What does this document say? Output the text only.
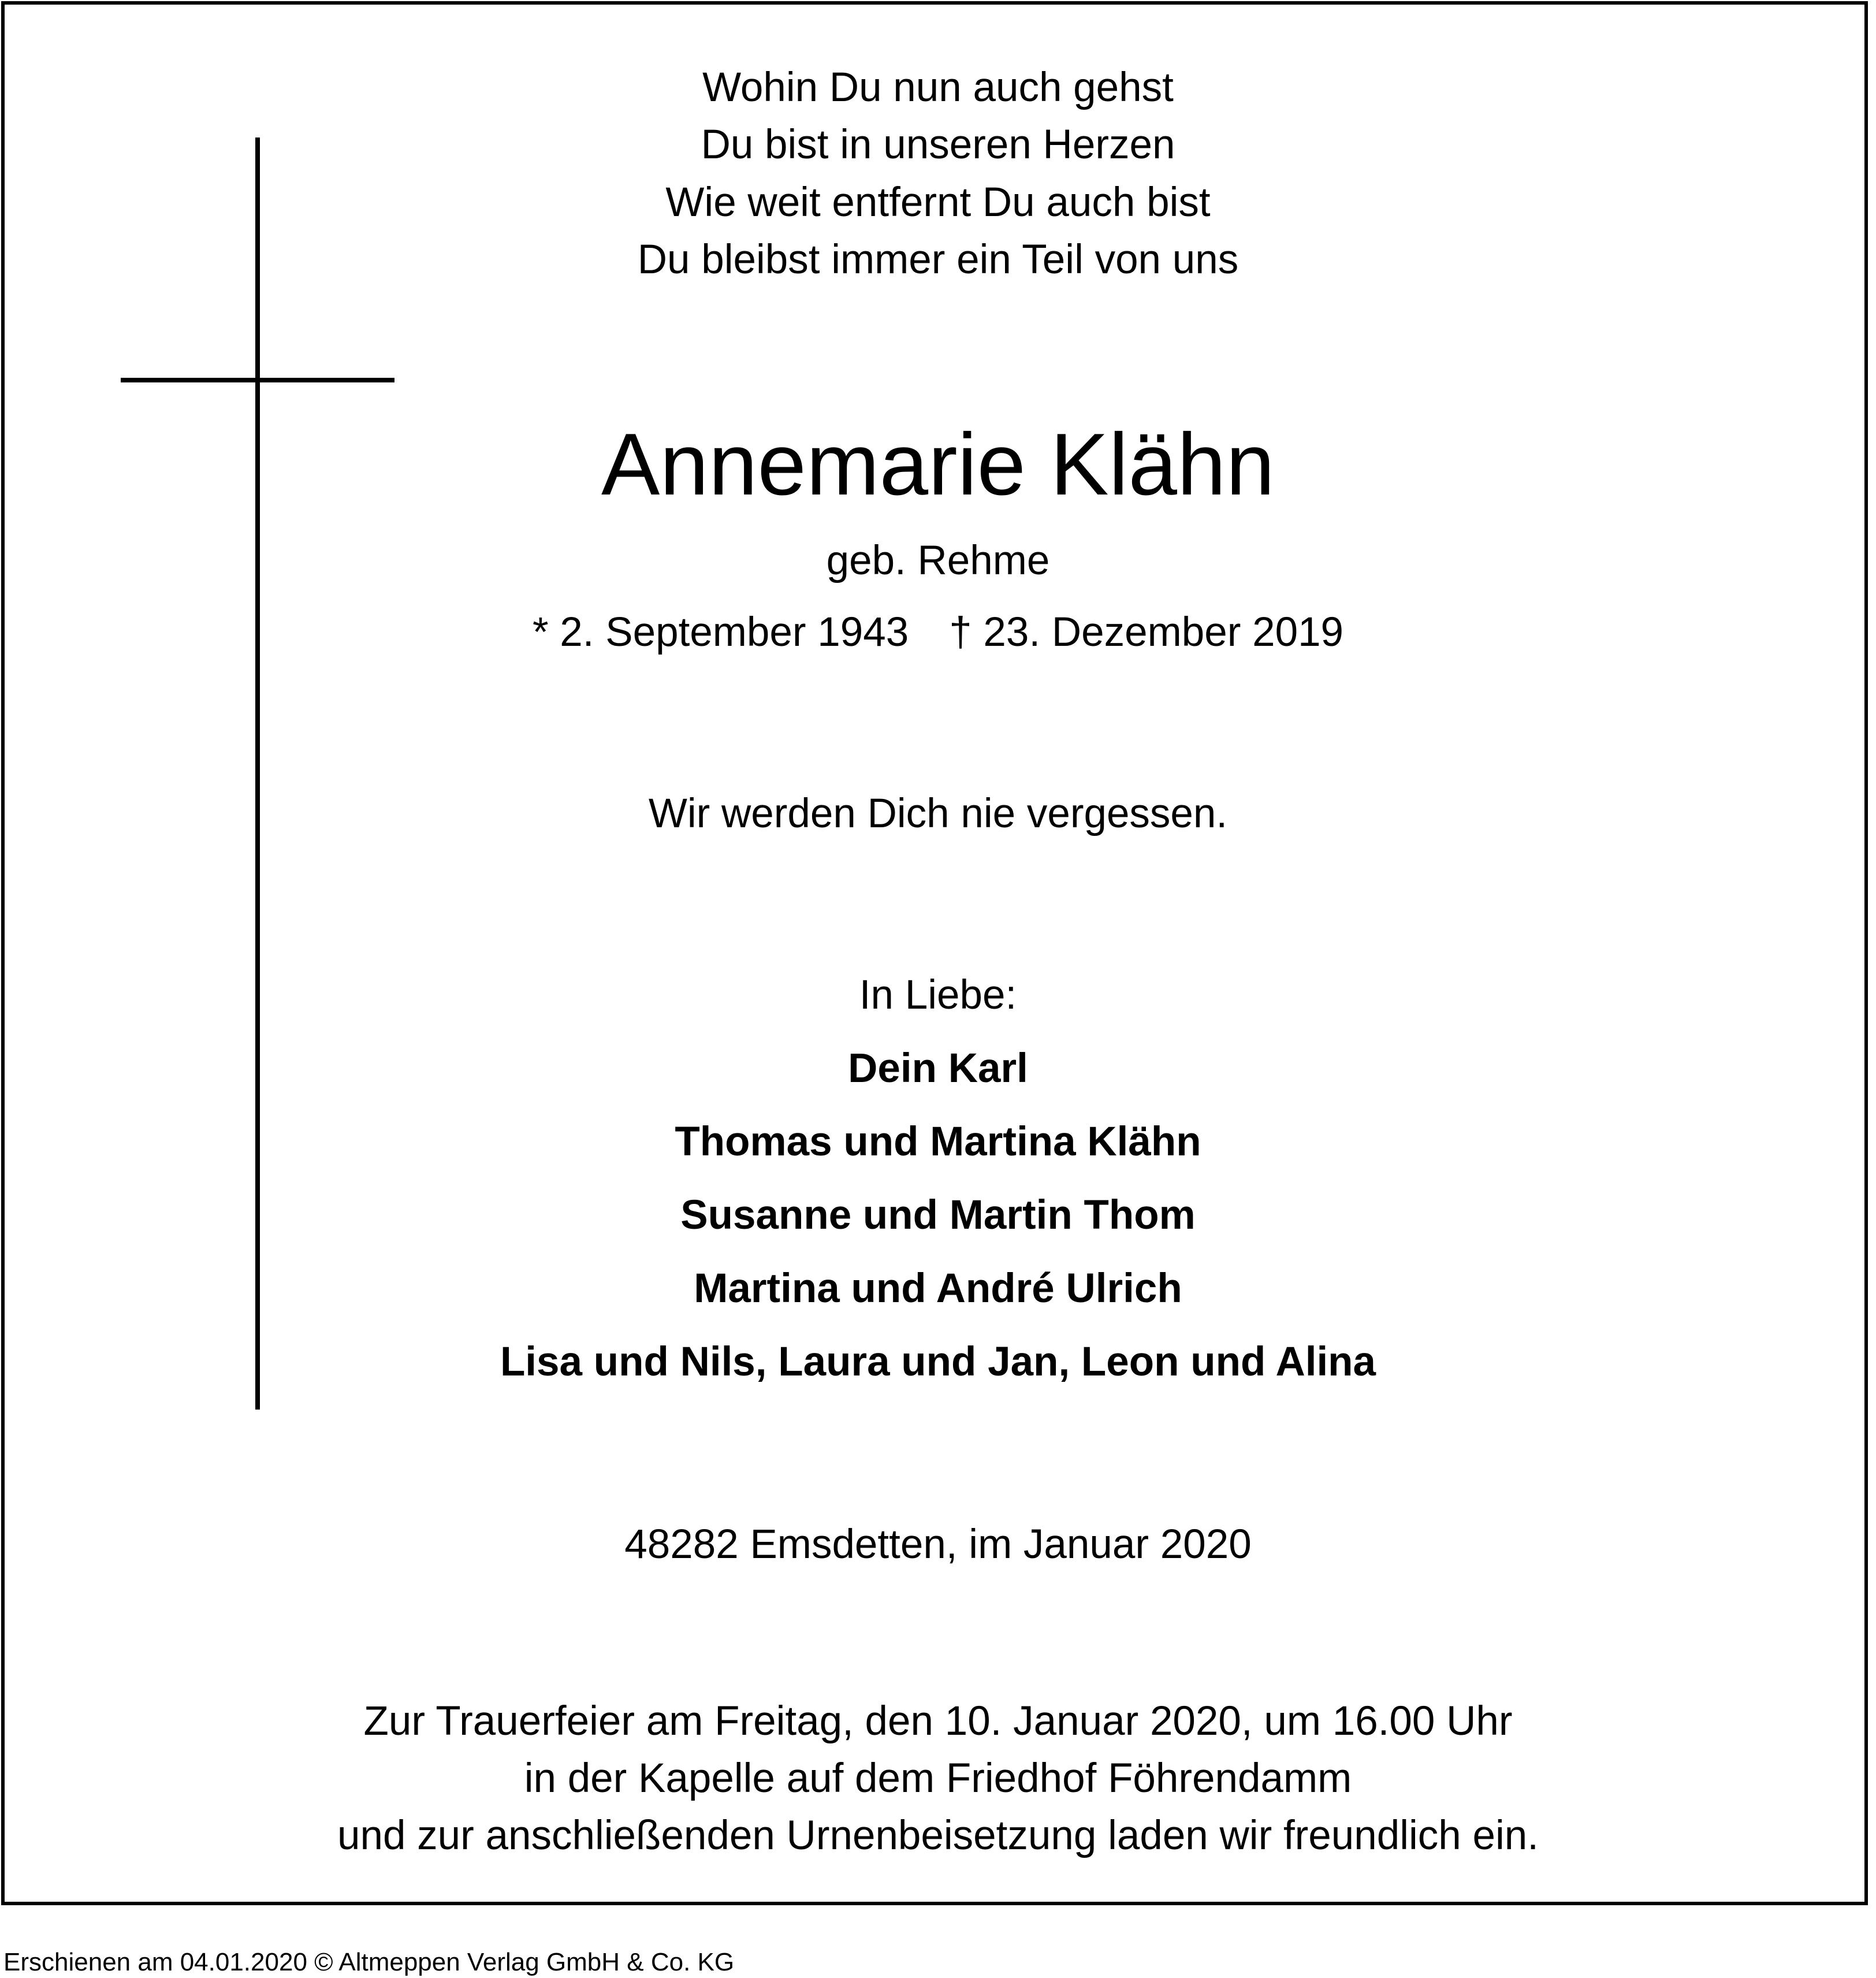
Wohin Du nun auch gehst
Du bist in unseren Herzen
Wie weit entfernt Du auch bist
Du bleibst immer ein Teil von uns
Annemarie Klähn
geb. Rehme
* 2. September 1943 † 23. Dezember 2019
Wir werden Dich nie vergessen.
In Liebe:
Dein Karl
Thomas und Martina Klähn
Susanne und Martin Thom
Martina und André Ulrich
Lisa und Nils, Laura und Jan, Leon und Alina
48282 Emsdetten, im Januar 2020
Zur Trauerfeier am Freitag, den 10. Januar 2020, um 16.00 Uhr
in der Kapelle auf dem Friedhof Föhrendamm
und zur anschließenden Urnenbeisetzung laden wir freundlich ein.
Erschienen am 04.01.2020 © Altmeppen Verlag GmbH & Co. KG
